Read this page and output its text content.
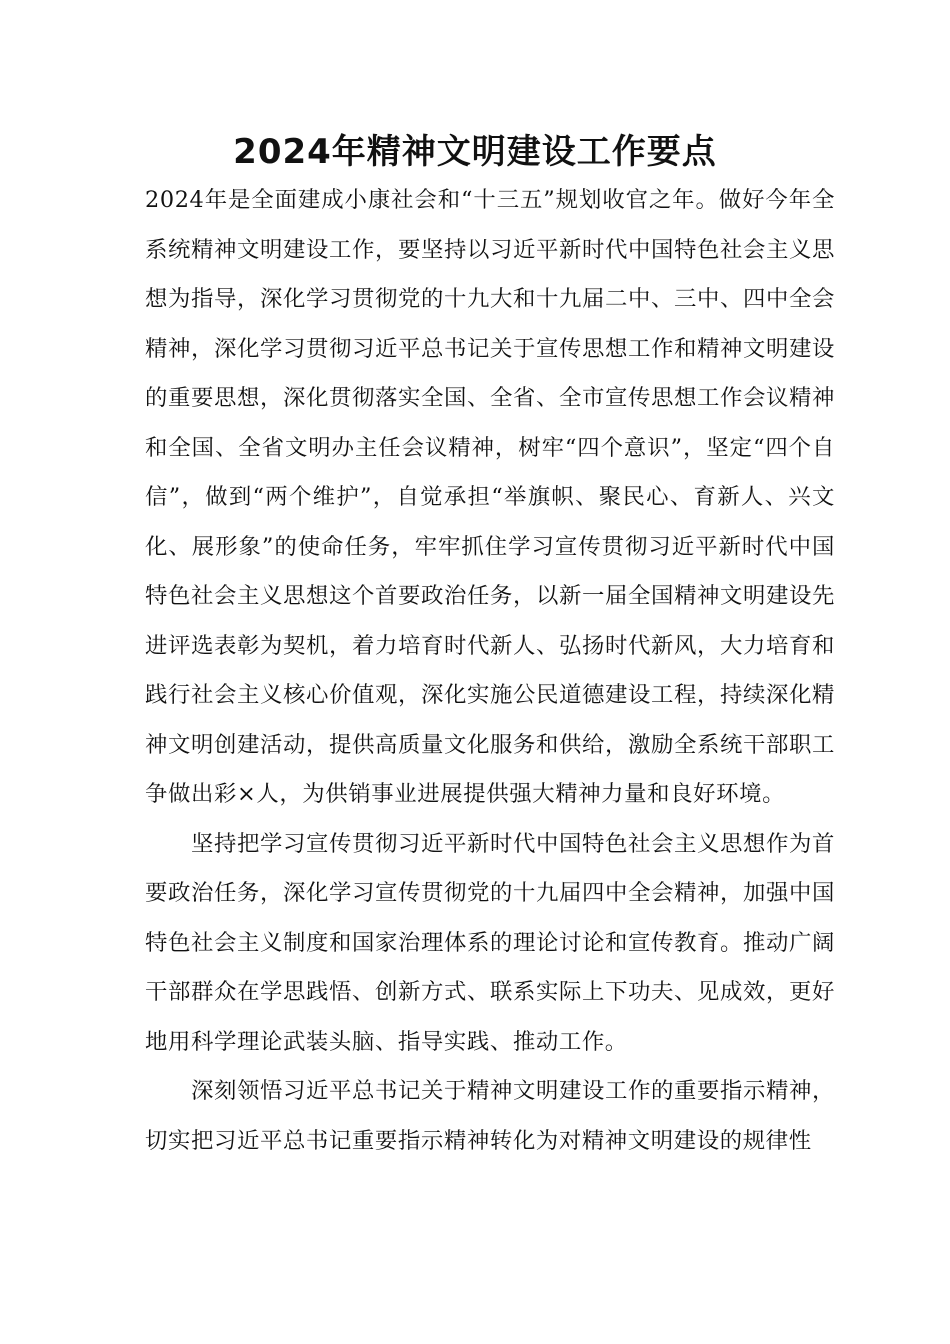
2024年精神文明建设工作要点

2024年是全面建成小康社会和“十三五”规划收官之年。做好今年全系统精神文明建设工作，要坚持以习近平新时代中国特色社会主义思想为指导，深化学习贯彻党的十九大和十九届二中、三中、四中全会精神，深化学习贯彻习近平总书记关于宣传思想工作和精神文明建设的重要思想，深化贯彻落实全国、全省、全市宣传思想工作会议精神和全国、全省文明办主任会议精神，树牢“四个意识”，坚定“四个自信”，做到“两个维护”，自觉承担“举旗帜、聚民心、育新人、兴文化、展形象”的使命任务，牢牢抓住学习宣传贯彻习近平新时代中国特色社会主义思想这个首要政治任务，以新一届全国精神文明建设先进评选表彰为契机，着力培育时代新人、弘扬时代新风，大力培育和践行社会主义核心价值观，深化实施公民道德建设工程，持续深化精神文明创建活动，提供高质量文化服务和供给，激励全系统干部职工争做出彩×人，为供销事业进展提供强大精神力量和良好环境。

坚持把学习宣传贯彻习近平新时代中国特色社会主义思想作为首要政治任务，深化学习宣传贯彻党的十九届四中全会精神，加强中国特色社会主义制度和国家治理体系的理论讨论和宣传教育。推动广阔干部群众在学思践悟、创新方式、联系实际上下功夫、见成效，更好地用科学理论武装头脑、指导实践、推动工作。

深刻领悟习近平总书记关于精神文明建设工作的重要指示精神，切实把习近平总书记重要指示精神转化为对精神文明建设的规律性
